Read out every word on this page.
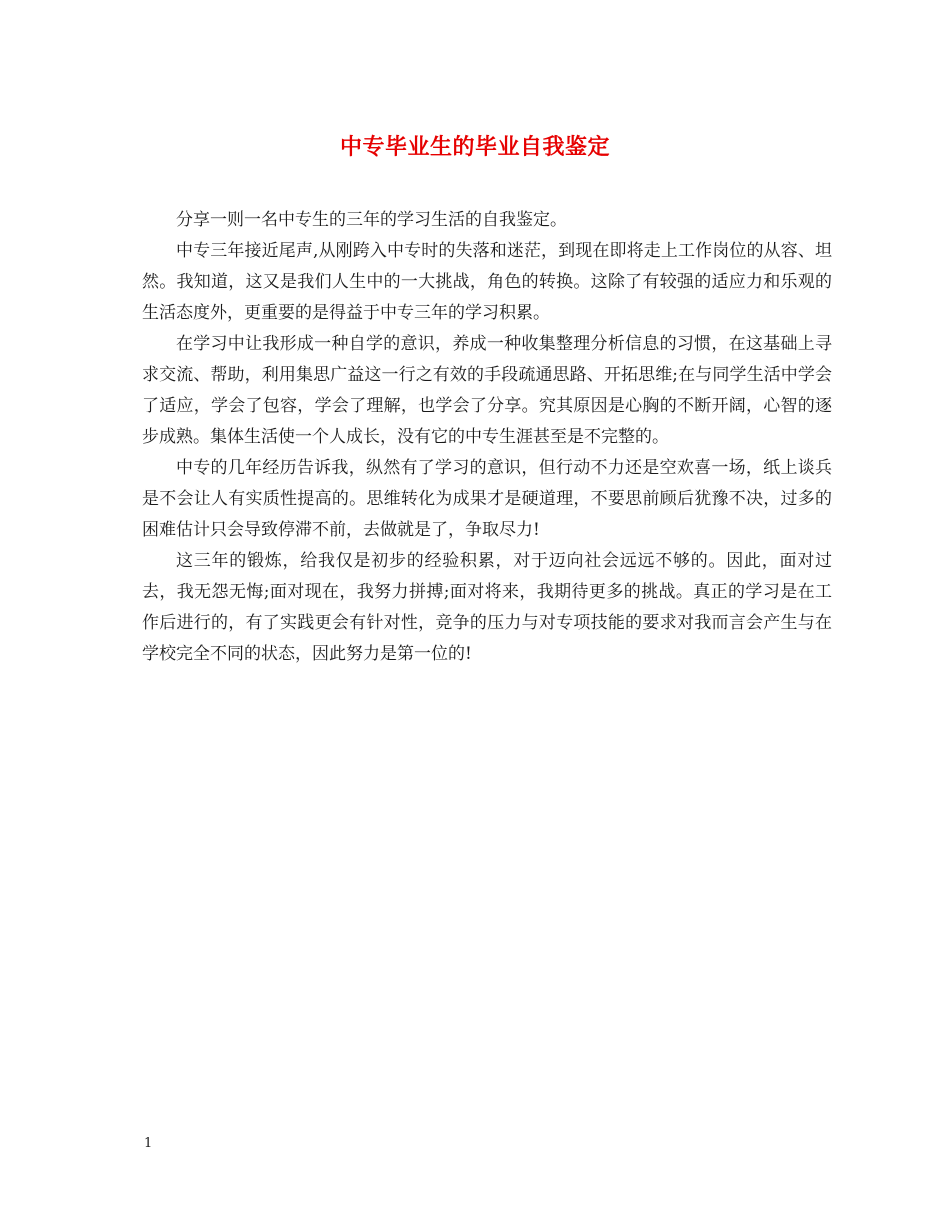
中专毕业生的毕业自我鉴定

分享一则一名中专生的三年的学习生活的自我鉴定。

中专三年接近尾声,从刚跨入中专时的失落和迷茫，到现在即将走上工作岗位的从容、坦然。我知道，这又是我们人生中的一大挑战，角色的转换。这除了有较强的适应力和乐观的生活态度外，更重要的是得益于中专三年的学习积累。

在学习中让我形成一种自学的意识，养成一种收集整理分析信息的习惯，在这基础上寻求交流、帮助，利用集思广益这一行之有效的手段疏通思路、开拓思维;在与同学生活中学会了适应，学会了包容，学会了理解，也学会了分享。究其原因是心胸的不断开阔，心智的逐步成熟。集体生活使一个人成长，没有它的中专生涯甚至是不完整的。

中专的几年经历告诉我，纵然有了学习的意识，但行动不力还是空欢喜一场，纸上谈兵是不会让人有实质性提高的。思维转化为成果才是硬道理，不要思前顾后犹豫不决，过多的困难估计只会导致停滞不前，去做就是了，争取尽力!

这三年的锻炼，给我仅是初步的经验积累，对于迈向社会远远不够的。因此，面对过去，我无怨无悔;面对现在，我努力拼搏;面对将来，我期待更多的挑战。真正的学习是在工作后进行的，有了实践更会有针对性，竞争的压力与对专项技能的要求对我而言会产生与在学校完全不同的状态，因此努力是第一位的!

1
